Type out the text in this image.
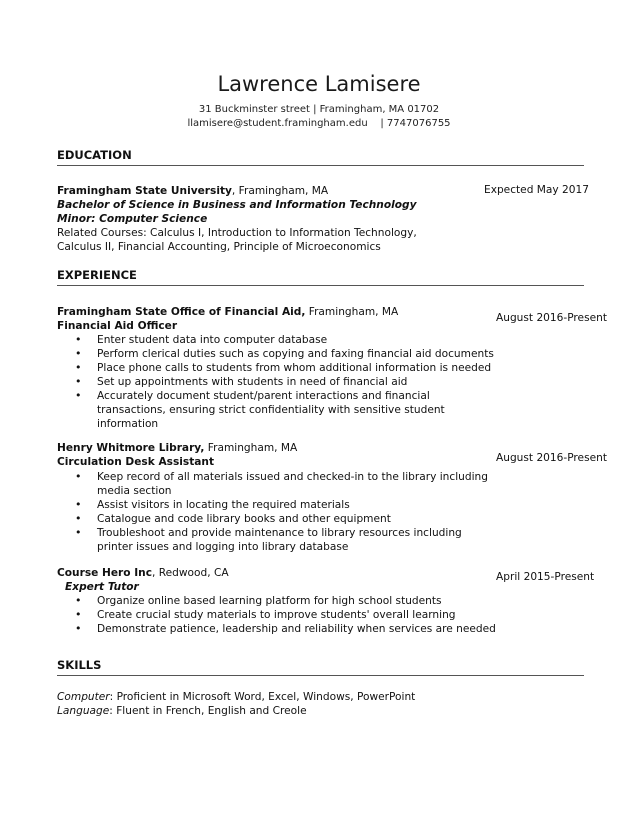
Lawrence Lamisere
31 Buckminster street | Framingham, MA 01702
llamisere@student.framingham.edu    | 7747076755
EDUCATION
Framingham State University, Framingham, MA	Expected May 2017
Bachelor of Science in Business and Information Technology
Minor: Computer Science
Related Courses: Calculus I, Introduction to Information Technology,
Calculus II, Financial Accounting, Principle of Microeconomics
EXPERIENCE
Framingham State Office of Financial Aid, Framingham, MA
Financial Aid Officer
August 2016-Present
• Enter student data into computer database
• Perform clerical duties such as copying and faxing financial aid documents
• Place phone calls to students from whom additional information is needed
• Set up appointments with students in need of financial aid
• Accurately document student/parent interactions and financial transactions, ensuring strict confidentiality with sensitive student information
Henry Whitmore Library, Framingham, MA
Circulation Desk Assistant	August 2016-Present
• Keep record of all materials issued and checked-in to the library including media section
• Assist visitors in locating the required materials
• Catalogue and code library books and other equipment
• Troubleshoot and provide maintenance to library resources including printer issues and logging into library database
Course Hero Inc, Redwood, CA
Expert Tutor
April 2015-Present
• Organize online based learning platform for high school students
• Create crucial study materials to improve students' overall learning
• Demonstrate patience, leadership and reliability when services are needed
SKILLS
Computer: Proficient in Microsoft Word, Excel, Windows, PowerPoint
Language: Fluent in French, English and Creole
